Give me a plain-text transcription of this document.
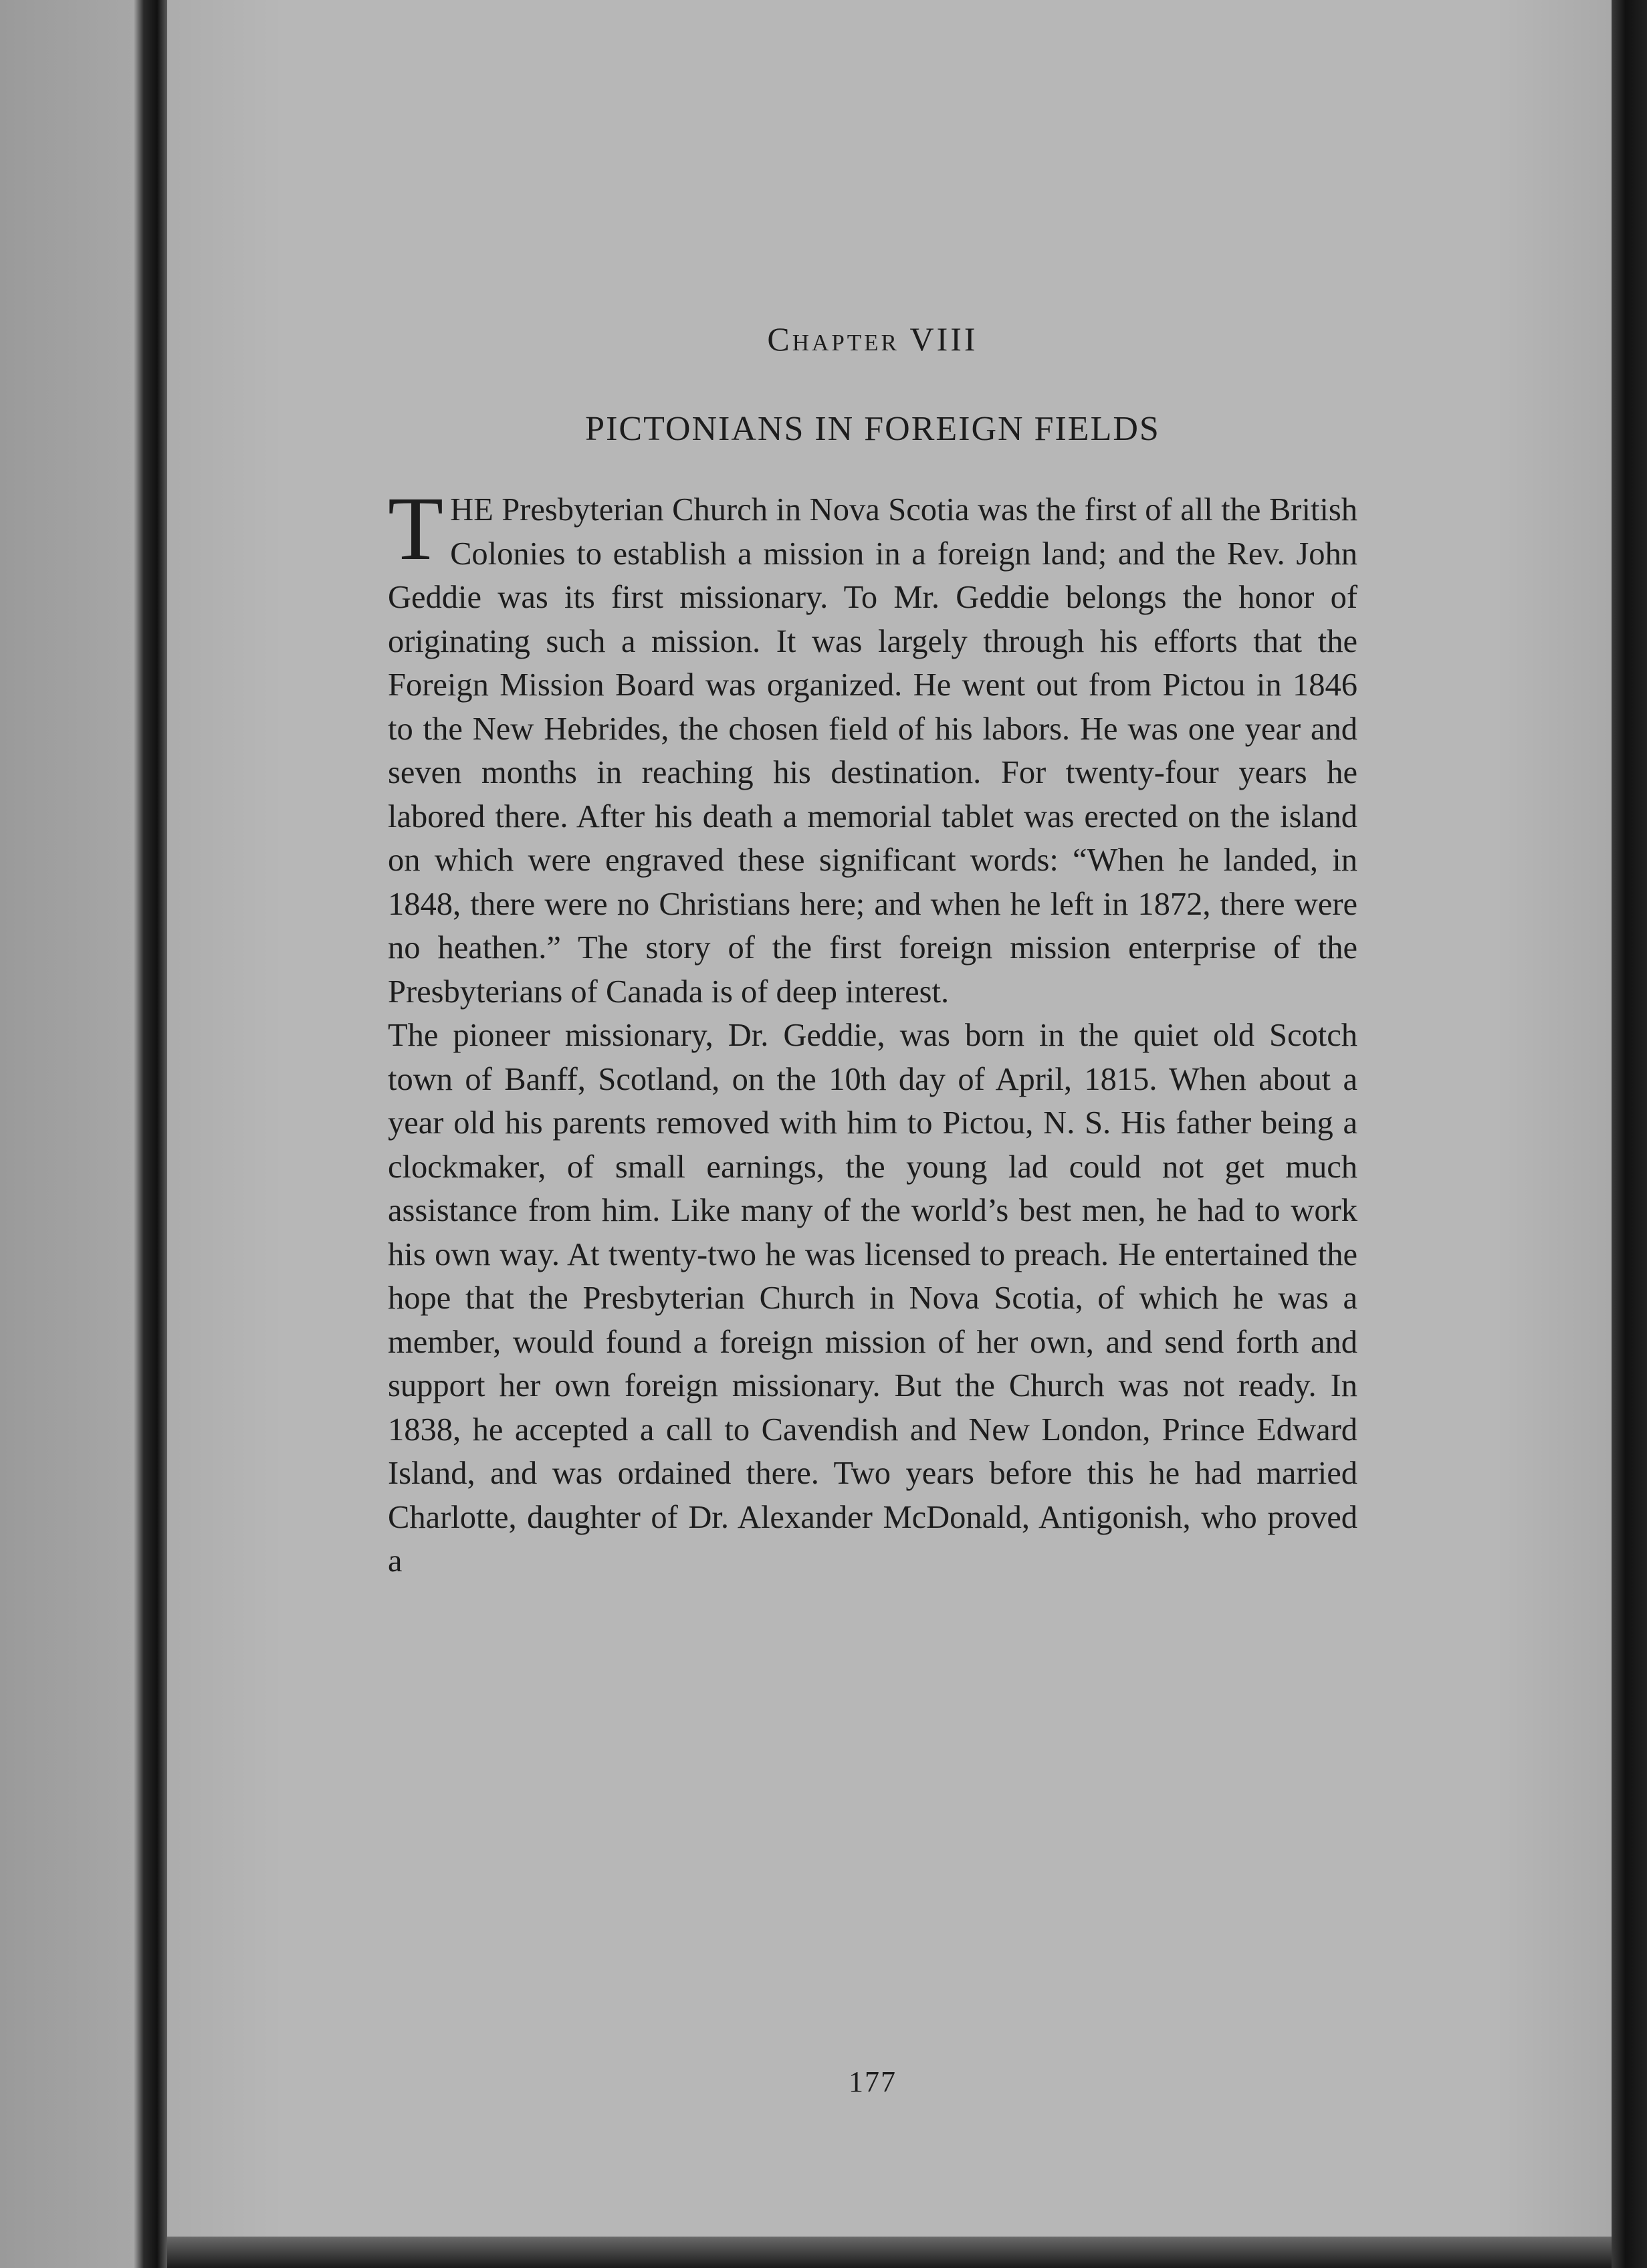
Chapter VIII
PICTONIANS IN FOREIGN FIELDS

THE Presbyterian Church in Nova Scotia was the first of all the British Colonies to establish a mission in a foreign land; and the Rev. John Geddie was its first missionary. To Mr. Geddie belongs the honor of originating such a mission. It was largely through his efforts that the Foreign Mission Board was organized. He went out from Pictou in 1846 to the New Hebrides, the chosen field of his labors. He was one year and seven months in reaching his destination. For twenty-four years he labored there. After his death a memorial tablet was erected on the island on which were engraved these significant words: “When he landed, in 1848, there were no Christians here; and when he left in 1872, there were no heathen.” The story of the first foreign mission enterprise of the Presbyterians of Canada is of deep interest.

The pioneer missionary, Dr. Geddie, was born in the quiet old Scotch town of Banff, Scotland, on the 10th day of April, 1815. When about a year old his parents removed with him to Pictou, N. S. His father being a clockmaker, of small earnings, the young lad could not get much assistance from him. Like many of the world’s best men, he had to work his own way. At twenty-two he was licensed to preach. He entertained the hope that the Presbyterian Church in Nova Scotia, of which he was a member, would found a foreign mission of her own, and send forth and support her own foreign missionary. But the Church was not ready. In 1838, he accepted a call to Cavendish and New London, Prince Edward Island, and was ordained there. Two years before this he had married Charlotte, daughter of Dr. Alexander McDonald, Antigonish, who proved a

177
